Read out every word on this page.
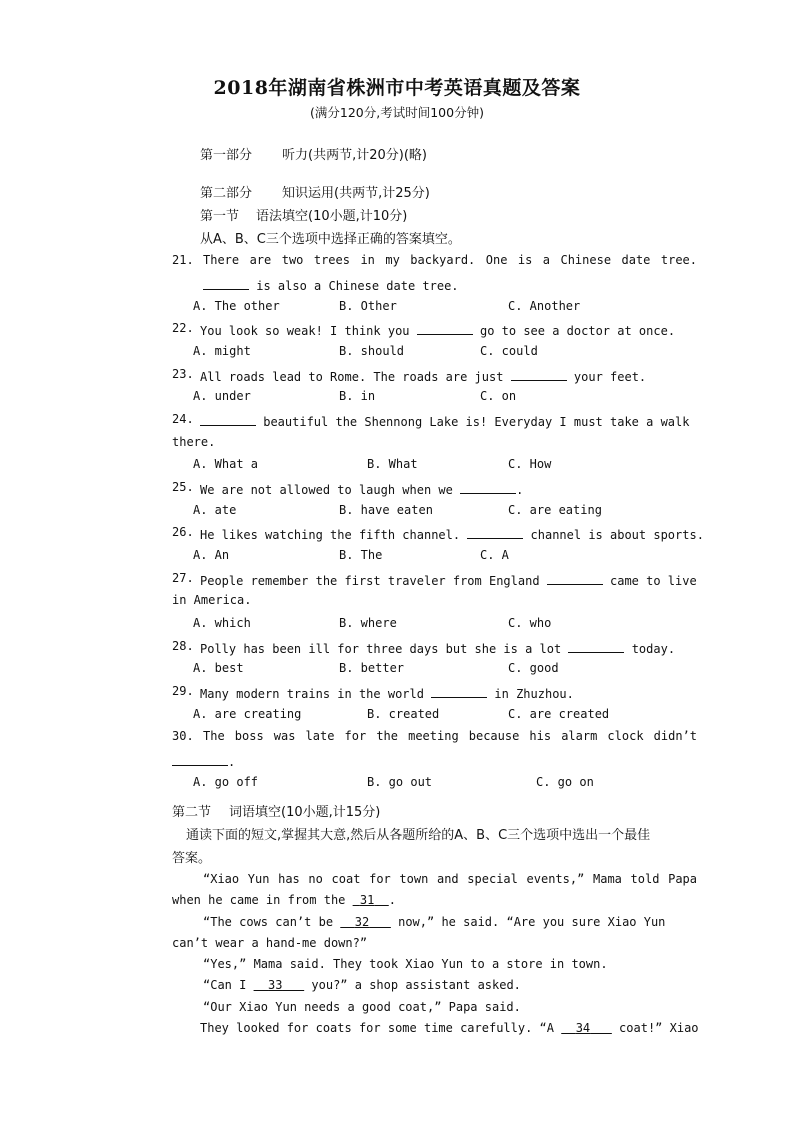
2018年湖南省株洲市中考英语真题及答案
(满分120分,考试时间100分钟)
第一部分 听力(共两节,计20分)(略)
第二部分 知识运用(共两节,计25分)
第一节 语法填空(10小题,计10分)
从A、B、C三个选项中选择正确的答案填空。
21. There are two trees in my backyard. One is a Chinese date tree.
is also a Chinese date tree.
A. The other	B. Other	C. Another
22. You look so weak! I think you	go to see a doctor at once.
A. might	B. should	C. could
23. All roads lead to Rome. The roads are just	your feet.
A. under	B. in	C. on
24.	beautiful the Shennong Lake is! Everyday I must take a walk
there.
A. What a	B. What	C. How
25. We are not allowed to laugh when we	.
A. ate	B. have eaten	C. are eating
26. He likes watching the fifth channel.	channel is about sports.
A. An	B. The	C. A
27. People remember the first traveler from England	came to live
in America.
A. which	B. where	C. who
28. Polly has been ill for three days but she is a lot	today.
A. best	B. better	C. good
29. Many modern trains in the world	in Zhuzhou.
A. are creating	B. created	C. are created
30. The boss was late for the meeting because his alarm clock didn’t
.
A. go off	B. go out	C. go on
第二节 词语填空(10小题,计15分)
通读下面的短文,掌握其大意,然后从各题所给的A、B、C三个选项中选出一个最佳
答案。
“Xiao Yun has no coat for town and special events,” Mama told Papa
when he came in from the  31 .
“The cows can’t be   32    now,” he said. “Are you sure Xiao Yun
can’t wear a hand-me down?”
“Yes,” Mama said. They took Xiao Yun to a store in town.
“Can I   33    you?” a shop assistant asked.
“Our Xiao Yun needs a good coat,” Papa said.
They looked for coats for some time carefully. “A   34    coat!” Xiao
